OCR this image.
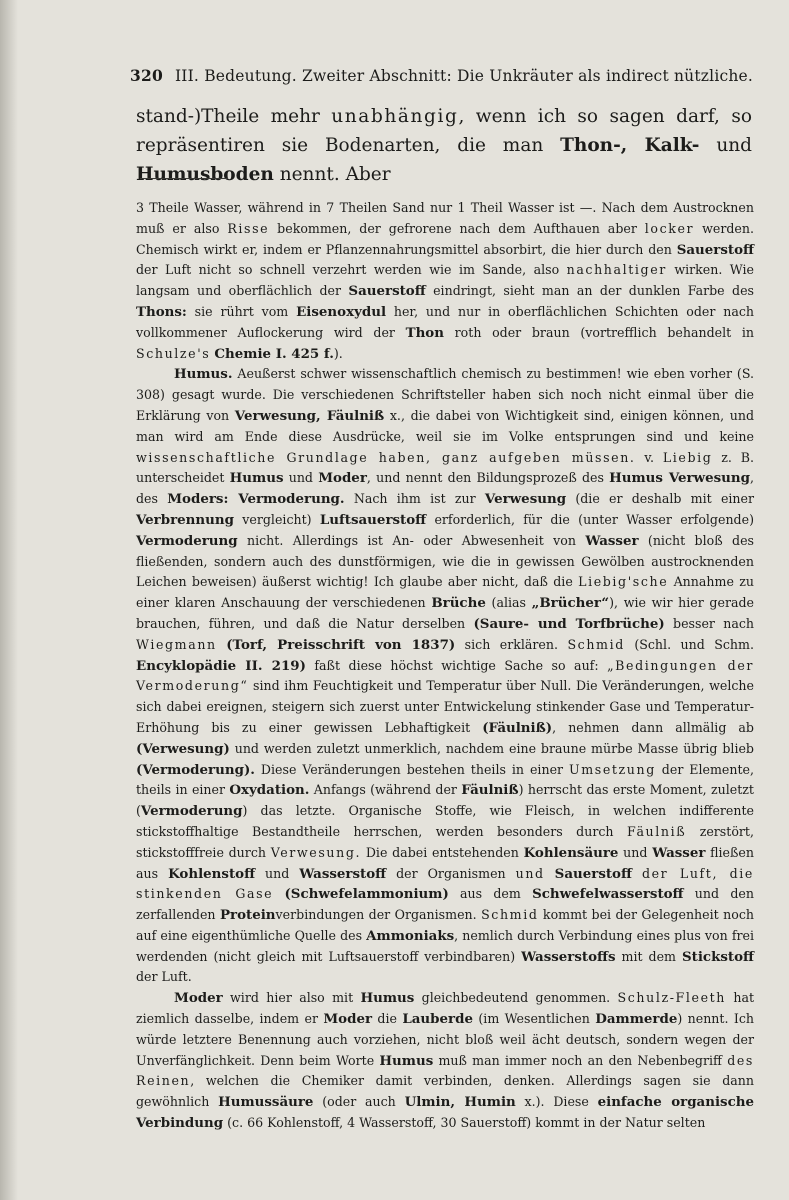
320 III. Bedeutung. Zweiter Abschnitt: Die Unkräuter als indirect nützliche.
stand-)Theile mehr unabhängig, wenn ich so sagen darf, so repräsentiren sie Bodenarten, die man Thon-, Kalk- und Humusboden nennt. Aber

3 Theile Wasser, während in 7 Theilen Sand nur 1 Theil Wasser ist —. Nach dem Austrocknen muß er also Risse bekommen, der gefrorene nach dem Aufthauen aber locker werden. Chemisch wirkt er, indem er Pflanzennahrungsmittel absorbirt, die hier durch den Sauerstoff der Luft nicht so schnell verzehrt werden wie im Sande, also nachhaltiger wirken. Wie langsam und oberflächlich der Sauerstoff eindringt, sieht man an der dunklen Farbe des Thons: sie rührt vom Eisenoxydul her, und nur in oberflächlichen Schichten oder nach vollkommener Auflockerung wird der Thon roth oder braun (vortrefflich behandelt in Schulze's Chemie I. 425 f.).

Humus. Aeußerst schwer wissenschaftlich chemisch zu bestimmen! wie eben vorher (S. 308) gesagt wurde. Die verschiedenen Schriftsteller haben sich noch nicht einmal über die Erklärung von Verwesung, Fäulniß x., die dabei von Wichtigkeit sind, einigen können, und man wird am Ende diese Ausdrücke, weil sie im Volke entsprungen sind und keine wissenschaftliche Grundlage haben, ganz aufgeben müssen. v. Liebig z. B. unterscheidet Humus und Moder, und nennt den Bildungsprozeß des Humus Verwesung, des Moders: Vermoderung. Nach ihm ist zur Verwesung (die er deshalb mit einer Verbrennung vergleicht) Luftsauerstoff erforderlich, für die (unter Wasser erfolgende) Vermoderung nicht. Allerdings ist An- oder Abwesenheit von Wasser (nicht bloß des fließenden, sondern auch des dunstförmigen, wie die in gewissen Gewölben austrocknenden Leichen beweisen) äußerst wichtig! Ich glaube aber nicht, daß die Liebig'sche Annahme zu einer klaren Anschauung der verschiedenen Brüche (alias „Brücher“), wie wir hier gerade brauchen, führen, und daß die Natur derselben (Saure- und Torfbrüche) besser nach Wiegmann (Torf, Preisschrift von 1837) sich erklären. Schmid (Schl. und Schm. Encyklopädie II. 219) faßt diese höchst wichtige Sache so auf: „Bedingungen der Vermoderung“ sind ihm Feuchtigkeit und Temperatur über Null. Die Veränderungen, welche sich dabei ereignen, steigern sich zuerst unter Entwickelung stinkender Gase und Temperatur-Erhöhung bis zu einer gewissen Lebhaftigkeit (Fäulniß), nehmen dann allmälig ab (Verwesung) und werden zuletzt unmerklich, nachdem eine braune mürbe Masse übrig blieb (Vermoderung). Diese Veränderungen bestehen theils in einer Umsetzung der Elemente, theils in einer Oxydation. Anfangs (während der Fäulniß) herrscht das erste Moment, zuletzt (Vermoderung) das letzte. Organische Stoffe, wie Fleisch, in welchen indifferente stickstoffhaltige Bestandtheile herrschen, werden besonders durch Fäulniß zerstört, stickstofffreie durch Verwesung. Die dabei entstehenden Kohlensäure und Wasser fließen aus Kohlenstoff und Wasserstoff der Organismen und Sauerstoff der Luft, die stinkenden Gase (Schwefelammonium) aus dem Schwefelwasserstoff und den zerfallenden Proteinverbindungen der Organismen. Schmid kommt bei der Gelegenheit noch auf eine eigenthümliche Quelle des Ammoniaks, nemlich durch Verbindung eines plus von frei werdenden (nicht gleich mit Luftsauerstoff verbindbaren) Wasserstoffs mit dem Stickstoff der Luft.

Moder wird hier also mit Humus gleichbedeutend genommen. Schulz-Fleeth hat ziemlich dasselbe, indem er Moder die Lauberde (im Wesentlichen Dammerde) nennt. Ich würde letztere Benennung auch vorziehen, nicht bloß weil ächt deutsch, sondern wegen der Unverfänglichkeit. Denn beim Worte Humus muß man immer noch an den Nebenbegriff des Reinen, welchen die Chemiker damit verbinden, denken. Allerdings sagen sie dann gewöhnlich Humussäure (oder auch Ulmin, Humin x.). Diese einfache organische Verbindung (c. 66 Kohlenstoff, 4 Wasserstoff, 30 Sauerstoff) kommt in der Natur selten
